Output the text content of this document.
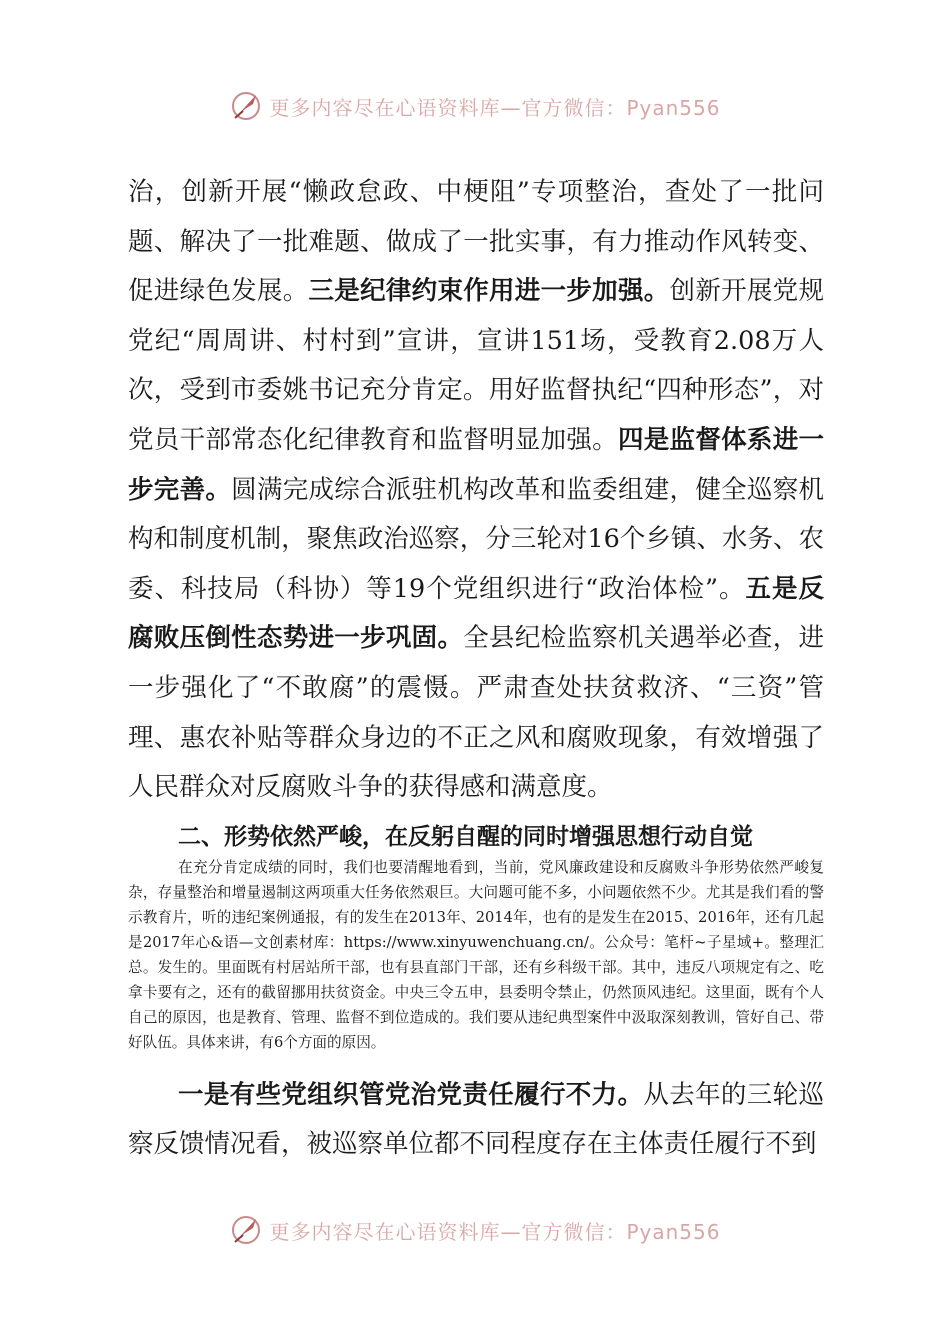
更多内容尽在心语资料库—官方微信：Pyan556

治，创新开展“懒政怠政、中梗阻”专项整治，查处了一批问题、解决了一批难题、做成了一批实事，有力推动作风转变、促进绿色发展。三是纪律约束作用进一步加强。创新开展党规党纪“周周讲、村村到”宣讲，宣讲151场，受教育2.08万人次，受到市委姚书记充分肯定。用好监督执纪“四种形态”，对党员干部常态化纪律教育和监督明显加强。四是监督体系进一步完善。圆满完成综合派驻机构改革和监委组建，健全巡察机构和制度机制，聚焦政治巡察，分三轮对16个乡镇、水务、农委、科技局（科协）等19个党组织进行“政治体检”。五是反腐败压倒性态势进一步巩固。全县纪检监察机关遇举必查，进一步强化了“不敢腐”的震慑。严肃查处扶贫救济、“三资”管理、惠农补贴等群众身边的不正之风和腐败现象，有效增强了人民群众对反腐败斗争的获得感和满意度。

二、形势依然严峻，在反躬自醒的同时增强思想行动自觉

在充分肯定成绩的同时，我们也要清醒地看到，当前，党风廉政建设和反腐败斗争形势依然严峻复杂，存量整治和增量遏制这两项重大任务依然艰巨。大问题可能不多，小问题依然不少。尤其是我们看的警示教育片，听的违纪案例通报，有的发生在2013年、2014年，也有的是发生在2015、2016年，还有几起是2017年心&语—文创素材库：https://www.xinyuwenchuang.cn/。公众号：笔杆~子星域+。整理汇总。发生的。里面既有村居站所干部，也有县直部门干部，还有乡科级干部。其中，违反八项规定有之、吃拿卡要有之，还有的截留挪用扶贫资金。中央三令五申，县委明令禁止，仍然顶风违纪。这里面，既有个人自己的原因，也是教育、管理、监督不到位造成的。我们要从违纪典型案件中汲取深刻教训，管好自己、带好队伍。具体来讲，有6个方面的原因。

一是有些党组织管党治党责任履行不力。从去年的三轮巡察反馈情况看，被巡察单位都不同程度存在主体责任履行不到

更多内容尽在心语资料库—官方微信：Pyan556
